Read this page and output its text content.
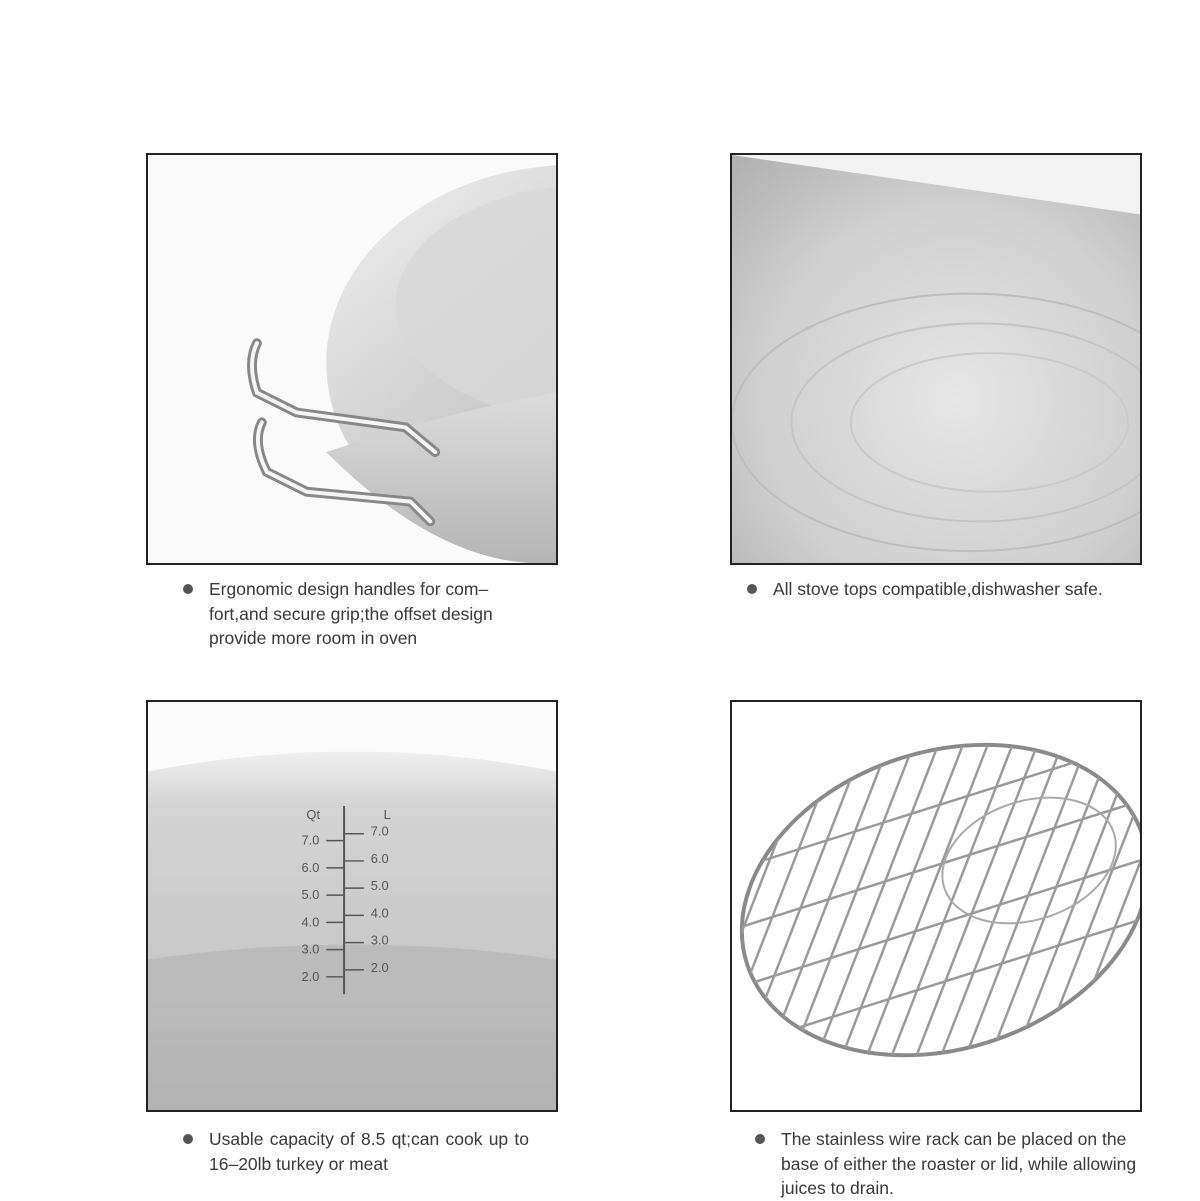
Qt	L
7.0
6.0
5.0
4.0
3.0
2.0
7.0
6.0
5.0
4.0
3.0
2.0
Ergonomic design handles for com– fort,and secure grip;the offset design provide more room in oven
All stove tops compatible,dishwasher safe.
Usable capacity of 8.5 qt;can cook up to 16–20lb turkey or meat
The stainless wire rack can be placed on the base of either the roaster or lid, while allowing juices to drain.
